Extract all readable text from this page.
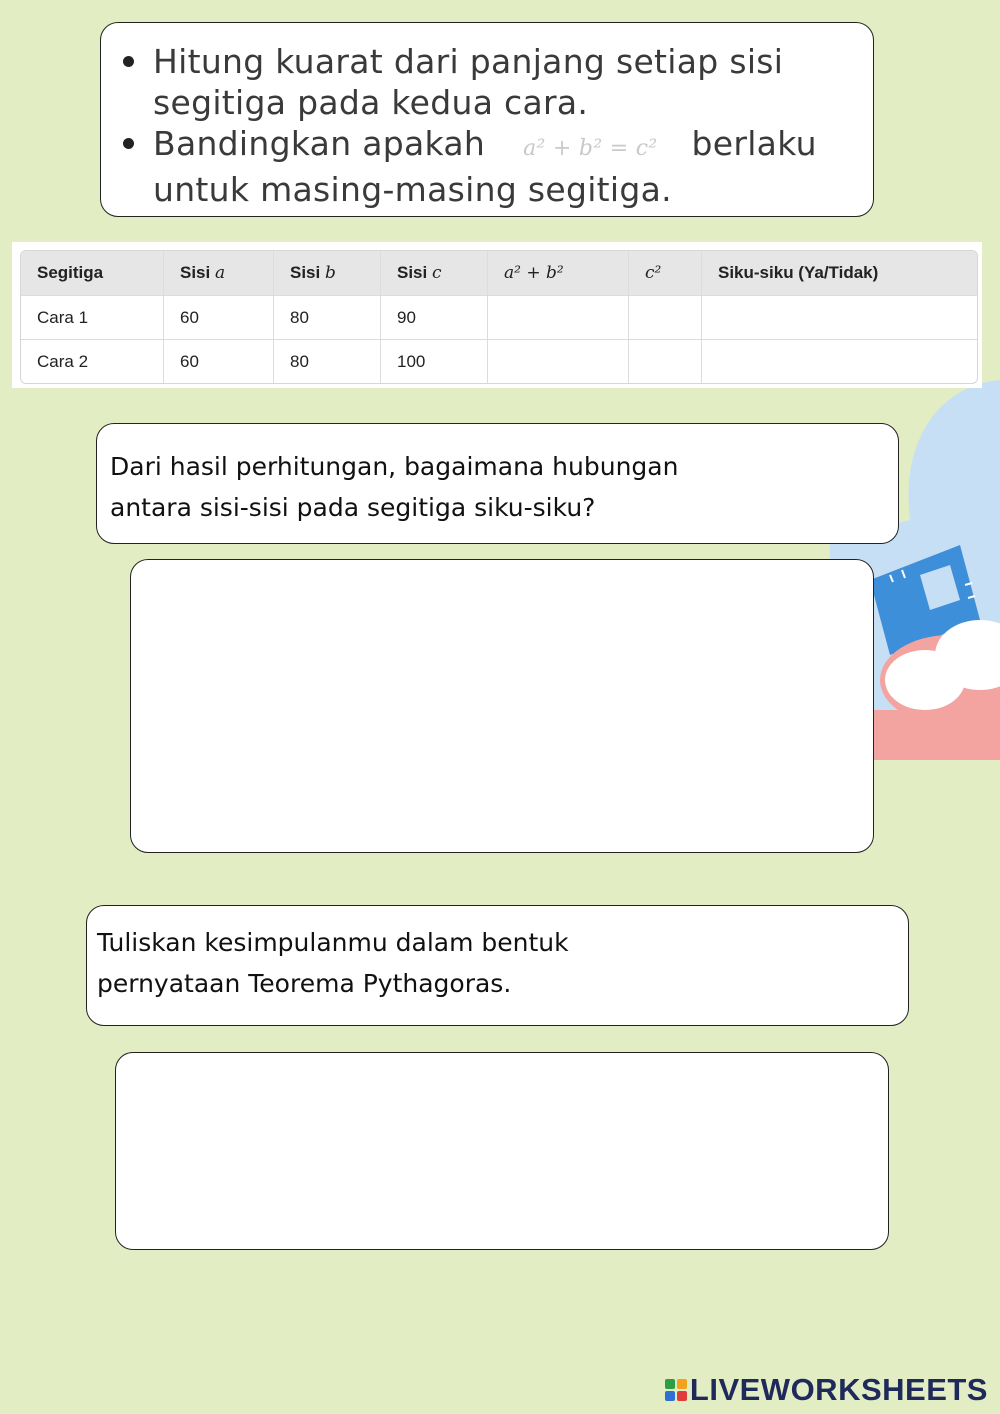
Hitung kuarat dari panjang setiap sisi segitiga pada kedua cara.
Bandingkan apakah a² + b² = c² berlaku untuk masing-masing segitiga.
Segitiga	Sisi a	Sisi b	Sisi c	a² + b²	c²	Siku-siku (Ya/Tidak)
Cara 1	60	80	90			
Cara 2	60	80	100			
Dari hasil perhitungan, bagaimana hubungan
antara sisi-sisi pada segitiga siku-siku?
Tuliskan kesimpulanmu dalam bentuk
pernyataan Teorema Pythagoras.
LIVEWORKSHEETS
